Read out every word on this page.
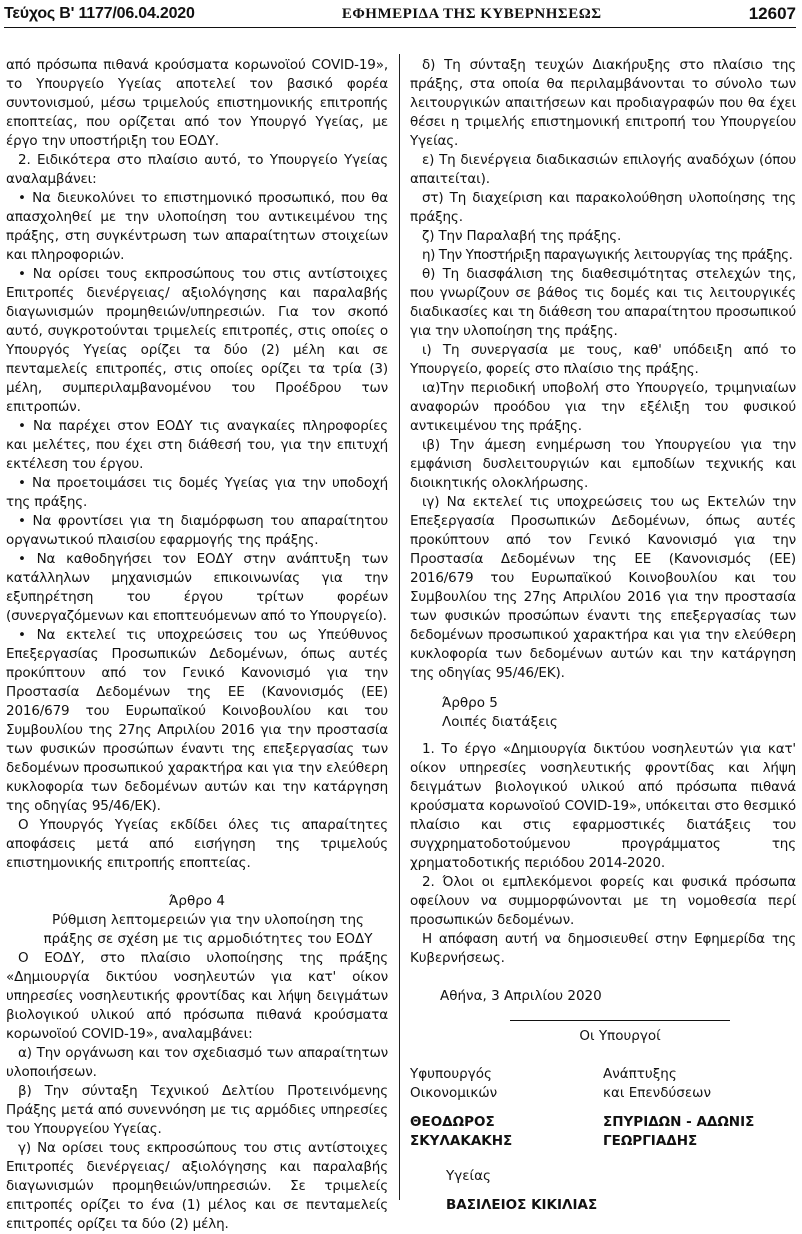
Τεύχος Β' 1177/06.04.2020	ΕΦΗΜΕΡΙΔΑ ΤΗΣ ΚΥΒΕΡΝΗΣΕΩΣ	12607

από πρόσωπα πιθανά κρούσματα κορωνοϊού COVID-19», το Υπουργείο Υγείας αποτελεί τον βασικό φορέα συντονισμού, μέσω τριμελούς επιστημονικής επιτροπής εποπτείας, που ορίζεται από τον Υπουργό Υγείας, με έργο την υποστήριξη του ΕΟΔΥ.

2. Ειδικότερα στο πλαίσιο αυτό, το Υπουργείο Υγείας αναλαμβάνει:

• Να διευκολύνει το επιστημονικό προσωπικό, που θα απασχοληθεί με την υλοποίηση του αντικειμένου της πράξης, στη συγκέντρωση των απαραίτητων στοιχείων και πληροφοριών.

• Να ορίσει τους εκπροσώπους του στις αντίστοιχες Επιτροπές διενέργειας/ αξιολόγησης και παραλαβής διαγωνισμών προμηθειών/υπηρεσιών. Για τον σκοπό αυτό, συγκροτούνται τριμελείς επιτροπές, στις οποίες ο Υπουργός Υγείας ορίζει τα δύο (2) μέλη και σε πενταμελείς επιτροπές, στις οποίες ορίζει τα τρία (3) μέλη, συμπεριλαμβανομένου του Προέδρου των επιτροπών.

• Να παρέχει στον ΕΟΔΥ τις αναγκαίες πληροφορίες και μελέτες, που έχει στη διάθεσή του, για την επιτυχή εκτέλεση του έργου.

• Να προετοιμάσει τις δομές Υγείας για την υποδοχή της πράξης.

• Να φροντίσει για τη διαμόρφωση του απαραίτητου οργανωτικού πλαισίου εφαρμογής της πράξης.

• Να καθοδηγήσει τον ΕΟΔΥ στην ανάπτυξη των κατάλληλων μηχανισμών επικοινωνίας για την εξυπηρέτηση του έργου τρίτων φορέων (συνεργαζόμενων και εποπτευόμενων από το Υπουργείο).

• Να εκτελεί τις υποχρεώσεις του ως Υπεύθυνος Επεξεργασίας Προσωπικών Δεδομένων, όπως αυτές προκύπτουν από τον Γενικό Κανονισμό για την Προστασία Δεδομένων της ΕΕ (Κανονισμός (ΕΕ) 2016/679 του Ευρωπαϊκού Κοινοβουλίου και του Συμβουλίου της 27ης Απριλίου 2016 για την προστασία των φυσικών προσώπων έναντι της επεξεργασίας των δεδομένων προσωπικού χαρακτήρα και για την ελεύθερη κυκλοφορία των δεδομένων αυτών και την κατάργηση της οδηγίας 95/46/ΕΚ).

Ο Υπουργός Υγείας εκδίδει όλες τις απαραίτητες αποφάσεις μετά από εισήγηση της τριμελούς επιστημονικής επιτροπής εποπτείας.

Άρθρο 4
Ρύθμιση λεπτομερειών για την υλοποίηση της πράξης σε σχέση με τις αρμοδιότητες του ΕΟΔΥ

Ο ΕΟΔΥ, στο πλαίσιο υλοποίησης της πράξης «Δημιουργία δικτύου νοσηλευτών για κατ' οίκον υπηρεσίες νοσηλευτικής φροντίδας και λήψη δειγμάτων βιολογικού υλικού από πρόσωπα πιθανά κρούσματα κορωνοϊού COVID-19», αναλαμβάνει:

α) Την οργάνωση και τον σχεδιασμό των απαραίτητων υλοποιήσεων.

β) Την σύνταξη Τεχνικού Δελτίου Προτεινόμενης Πράξης μετά από συνεννόηση με τις αρμόδιες υπηρεσίες του Υπουργείου Υγείας.

γ) Να ορίσει τους εκπροσώπους του στις αντίστοιχες Επιτροπές διενέργειας/ αξιολόγησης και παραλαβής διαγωνισμών προμηθειών/υπηρεσιών. Σε τριμελείς επιτροπές ορίζει το ένα (1) μέλος και σε πενταμελείς επιτροπές ορίζει τα δύο (2) μέλη.

δ) Τη σύνταξη τευχών Διακήρυξης στο πλαίσιο της πράξης, στα οποία θα περιλαμβάνονται το σύνολο των λειτουργικών απαιτήσεων και προδιαγραφών που θα έχει θέσει η τριμελής επιστημονική επιτροπή του Υπουργείου Υγείας.

ε) Τη διενέργεια διαδικασιών επιλογής αναδόχων (όπου απαιτείται).

στ) Τη διαχείριση και παρακολούθηση υλοποίησης της πράξης.

ζ) Την Παραλαβή της πράξης.

η) Την Υποστήριξη παραγωγικής λειτουργίας της πράξης.

θ) Τη διασφάλιση της διαθεσιμότητας στελεχών της, που γνωρίζουν σε βάθος τις δομές και τις λειτουργικές διαδικασίες και τη διάθεση του απαραίτητου προσωπικού για την υλοποίηση της πράξης.

ι) Τη συνεργασία με τους, καθ' υπόδειξη από το Υπουργείο, φορείς στο πλαίσιο της πράξης.

ια)Την περιοδική υποβολή στο Υπουργείο, τριμηνιαίων αναφορών προόδου για την εξέλιξη του φυσικού αντικειμένου της πράξης.

ιβ) Την άμεση ενημέρωση του Υπουργείου για την εμφάνιση δυσλειτουργιών και εμποδίων τεχνικής και διοικητικής ολοκλήρωσης.

ιγ) Να εκτελεί τις υποχρεώσεις του ως Εκτελών την Επεξεργασία Προσωπικών Δεδομένων, όπως αυτές προκύπτουν από τον Γενικό Κανονισμό για την Προστασία Δεδομένων της ΕΕ (Κανονισμός (ΕΕ) 2016/679 του Ευρωπαϊκού Κοινοβουλίου και του Συμβουλίου της 27ης Απριλίου 2016 για την προστασία των φυσικών προσώπων έναντι της επεξεργασίας των δεδομένων προσωπικού χαρακτήρα και για την ελεύθερη κυκλοφορία των δεδομένων αυτών και την κατάργηση της οδηγίας 95/46/ΕΚ).

Άρθρο 5
Λοιπές διατάξεις

1. Το έργο «Δημιουργία δικτύου νοσηλευτών για κατ' οίκον υπηρεσίες νοσηλευτικής φροντίδας και λήψη δειγμάτων βιολογικού υλικού από πρόσωπα πιθανά κρούσματα κορωνοϊού COVID-19», υπόκειται στο θεσμικό πλαίσιο και στις εφαρμοστικές διατάξεις του συγχρηματοδοτούμενου προγράμματος της χρηματοδοτικής περιόδου 2014-2020.

2. Όλοι οι εμπλεκόμενοι φορείς και φυσικά πρόσωπα οφείλουν να συμμορφώνονται με τη νομοθεσία περί προσωπικών δεδομένων.

Η απόφαση αυτή να δημοσιευθεί στην Εφημερίδα της Κυβερνήσεως.

Αθήνα, 3 Απριλίου 2020
Οι Υπουργοί
Υφυπουργός
Οικονομικών
ΘΕΟΔΩΡΟΣ
ΣΚΥΛΑΚΑΚΗΣ
Ανάπτυξης
και Επενδύσεων
ΣΠΥΡΙΔΩΝ - ΑΔΩΝΙΣ
ΓΕΩΡΓΙΑΔΗΣ
Υγείας
ΒΑΣΙΛΕΙΟΣ ΚΙΚΙΛΙΑΣ
